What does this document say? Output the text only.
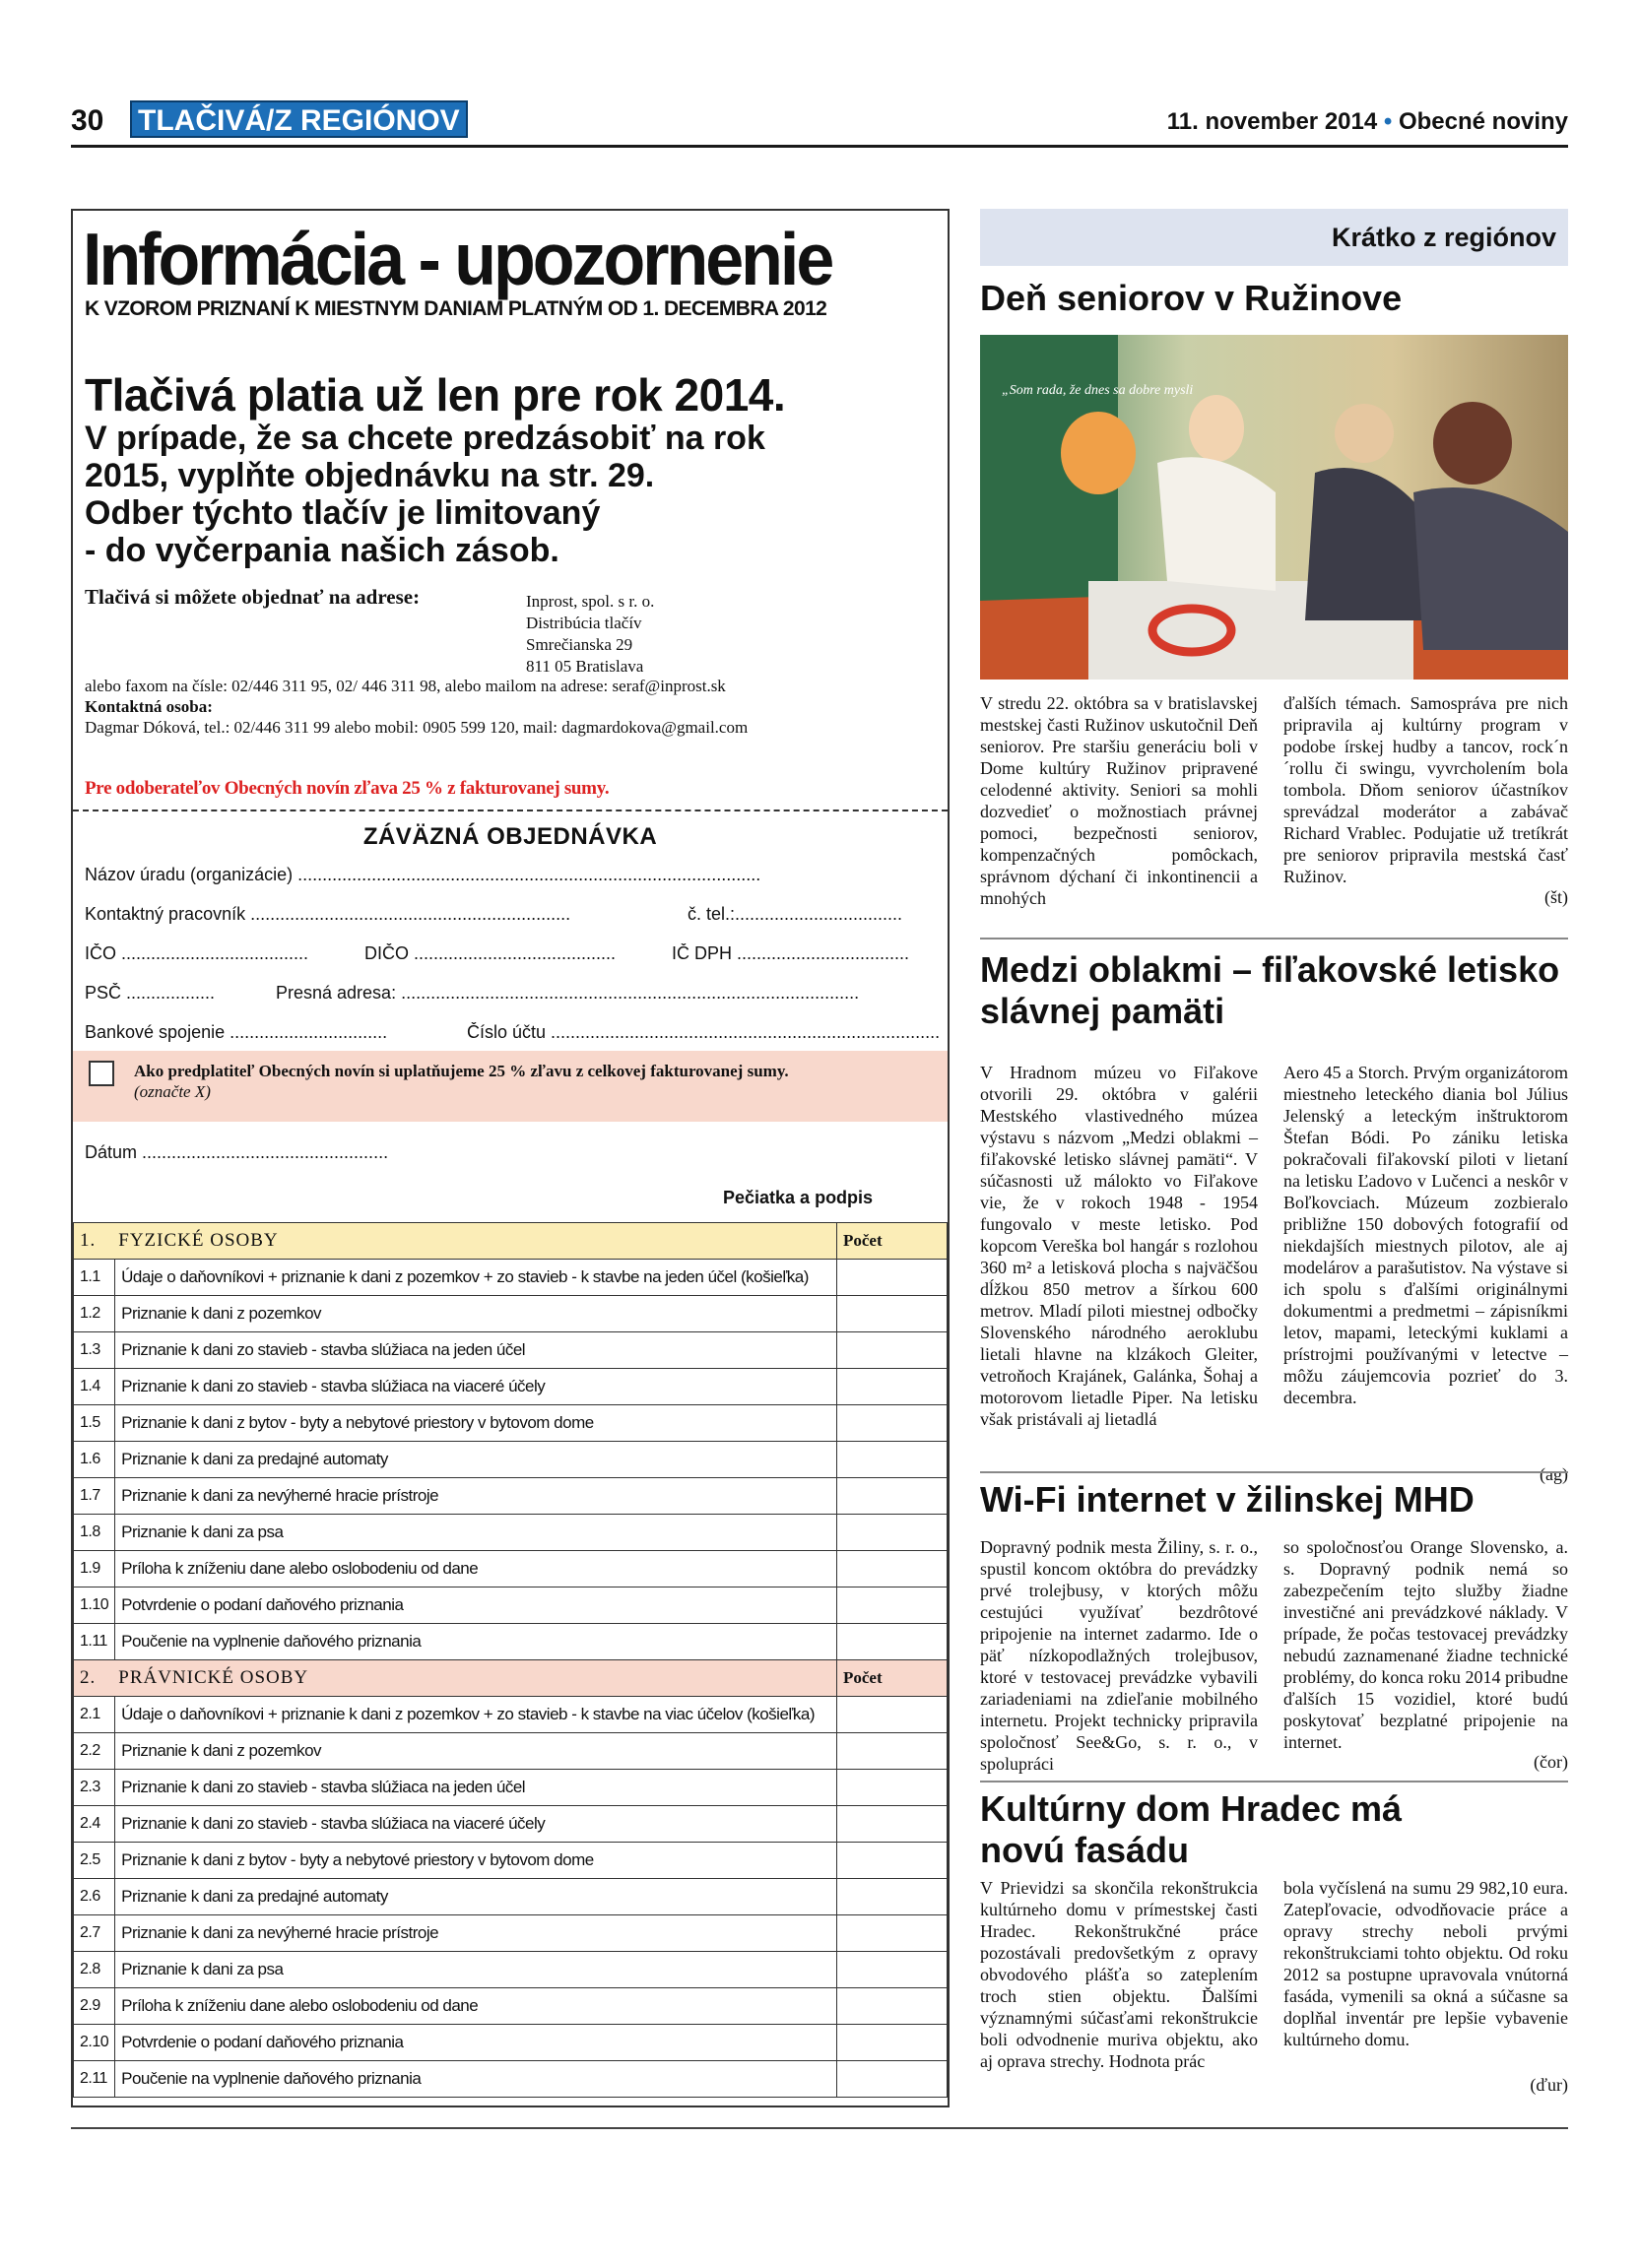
30 TLAČIVÁ/Z REGIÓNOV	11. november 2014 • Obecné noviny
Informácia - upozornenie
K VZOROM PRIZNANÍ K MIESTNYM DANIAM PLATNÝM OD 1. DECEMBRA 2012
Tlačivá platia už len pre rok 2014.
V prípade, že sa chcete predzásobiť na rok
2015, vyplňte objednávku na str. 29.
Odber týchto tlačív je limitovaný
- do vyčerpania našich zásob.
Tlačivá si môžete objednať na adrese:	Inprost, spol. s r. o.
Distribúcia tlačív
Smrečianska 29
811 05 Bratislava
alebo faxom na čísle: 02/446 311 95, 02/ 446 311 98, alebo mailom na adrese: seraf@inprost.sk
Kontaktná osoba:
Dagmar Dóková, tel.: 02/446 311 99 alebo mobil: 0905 599 120, mail: dagmardokova@gmail.com
Pre odoberateľov Obecných novín zľava 25 % z fakturovanej sumy.
ZÁVÄZNÁ OBJEDNÁVKA
Názov úradu (organizácie) ..............................................................................................
Kontaktný pracovník .................................................................	č. tel.:..................................
IČO ......................................	DIČO .........................................	IČ DPH ...................................
PSČ ..................	Presná adresa: .............................................................................................
Bankové spojenie ................................	Číslo účtu ...............................................................................
Ako predplatiteľ Obecných novín si uplatňujeme 25 % zľavu z celkovej fakturovanej sumy.
(označte X)
Dátum ..................................................
Pečiatka a podpis
1. FYZICKÉ OSOBY		Počet
1.1	Údaje o daňovníkovi + priznanie k dani z pozemkov + zo stavieb - k stavbe na jeden účel (košieľka)	
1.2	Priznanie k dani z pozemkov	
1.3	Priznanie k dani zo stavieb - stavba slúžiaca na jeden účel	
1.4	Priznanie k dani zo stavieb - stavba slúžiaca na viaceré účely	
1.5	Priznanie k dani z bytov - byty a nebytové priestory v bytovom dome	
1.6	Priznanie k dani za predajné automaty	
1.7	Priznanie k dani za nevýherné hracie prístroje	
1.8	Priznanie k dani za psa	
1.9	Príloha k zníženiu dane alebo oslobodeniu od dane	
1.10	Potvrdenie o podaní daňového priznania	
1.11	Poučenie na vyplnenie daňového priznania	
2. PRÁVNICKÉ OSOBY		Počet
2.1	Údaje o daňovníkovi + priznanie k dani z pozemkov + zo stavieb - k stavbe na viac účelov (košieľka)	
2.2	Priznanie k dani z pozemkov	
2.3	Priznanie k dani zo stavieb - stavba slúžiaca na jeden účel	
2.4	Priznanie k dani zo stavieb - stavba slúžiaca na viaceré účely	
2.5	Priznanie k dani z bytov - byty a nebytové priestory v bytovom dome	
2.6	Priznanie k dani za predajné automaty	
2.7	Priznanie k dani za nevýherné hracie prístroje	
2.8	Priznanie k dani za psa	
2.9	Príloha k zníženiu dane alebo oslobodeniu od dane	
2.10	Potvrdenie o podaní daňového priznania	
2.11	Poučenie na vyplnenie daňového priznania	
Krátko z regiónov
Deň seniorov v Ružinove
„Som rada, že dnes sa dobre mysli
V stredu 22. októbra sa v bratislavskej mestskej časti Ružinov uskutočnil Deň seniorov. Pre staršiu generáciu boli v Dome kultúry Ružinov pripravené celodenné aktivity. Seniori sa mohli dozvedieť o možnostiach právnej pomoci, bezpečnosti seniorov, kompenzačných pomôckach, správnom dýchaní či inkontinencii a mnohých
ďalších témach. Samospráva pre nich pripravila aj kultúrny program v podobe írskej hudby a tancov, rock´n´rollu či swingu, vyvrcholením bola tombola. Dňom seniorov účastníkov sprevádzal moderátor a zabávač Richard Vrablec. Podujatie už tretíkrát pre seniorov pripravila mestská časť Ružinov.
(št)
Medzi oblakmi – fiľakovské letisko slávnej pamäti
V Hradnom múzeu vo Fiľakove otvorili 29. októbra v galérii Mestského vlastivedného múzea výstavu s názvom „Medzi oblakmi – fiľakovské letisko slávnej pamäti“. V súčasnosti už málokto vo Fiľakove vie, že v rokoch 1948 - 1954 fungovalo v meste letisko. Pod kopcom Vereška bol hangár s rozlohou 360 m² a letisková plocha s najväčšou dĺžkou 850 metrov a šírkou 600 metrov. Mladí piloti miestnej odbočky Slovenského národného aeroklubu lietali hlavne na klzákoch Gleiter, vetroňoch Krajánek, Galánka, Šohaj a motorovom lietadle Piper. Na letisku však pristávali aj lietadlá
Aero 45 a Storch. Prvým organizátorom miestneho leteckého diania bol Július Jelenský a leteckým inštruktorom Štefan Bódi. Po zániku letiska pokračovali fiľakovskí piloti v lietaní na letisku Ľadovo v Lučenci a neskôr v Boľkovciach. Múzeum zozbieralo približne 150 dobových fotografií od niekdajších miestnych pilotov, ale aj modelárov a parašutistov. Na výstave si ich spolu s ďalšími originálnymi dokumentmi a predmetmi – zápisníkmi letov, mapami, leteckými kuklami a prístrojmi používanými v letectve – môžu záujemcovia pozrieť do 3. decembra.
(ag)
Wi-Fi internet v žilinskej MHD
Dopravný podnik mesta Žiliny, s. r. o., spustil koncom októbra do prevádzky prvé trolejbusy, v ktorých môžu cestujúci využívať bezdrôtové pripojenie na internet zadarmo. Ide o päť nízkopodlažných trolejbusov, ktoré v testovacej prevádzke vybavili zariadeniami na zdieľanie mobilného internetu. Projekt technicky pripravila spoločnosť See&Go, s. r. o., v spolupráci
so spoločnosťou Orange Slovensko, a. s. Dopravný podnik nemá so zabezpečením tejto služby žiadne investičné ani prevádzkové náklady. V prípade, že počas testovacej prevádzky nebudú zaznamenané žiadne technické problémy, do konca roku 2014 pribudne ďalších 15 vozidiel, ktoré budú poskytovať bezplatné pripojenie na internet.
(čor)
Kultúrny dom Hradec má novú fasádu
V Prievidzi sa skončila rekonštrukcia kultúrneho domu v prímestskej časti Hradec. Rekonštrukčné práce pozostávali predovšetkým z opravy obvodového plášťa so zateplením troch stien objektu. Ďalšími významnými súčasťami rekonštrukcie boli odvodnenie muriva objektu, ako aj oprava strechy. Hodnota prác
bola vyčíslená na sumu 29 982,10 eura. Zatepľovacie, odvodňovacie práce a opravy strechy neboli prvými rekonštrukciami tohto objektu. Od roku 2012 sa postupne upravovala vnútorná fasáda, vymenili sa okná a súčasne sa doplňal inventár pre lepšie vybavenie kultúrneho domu.
(ďur)
